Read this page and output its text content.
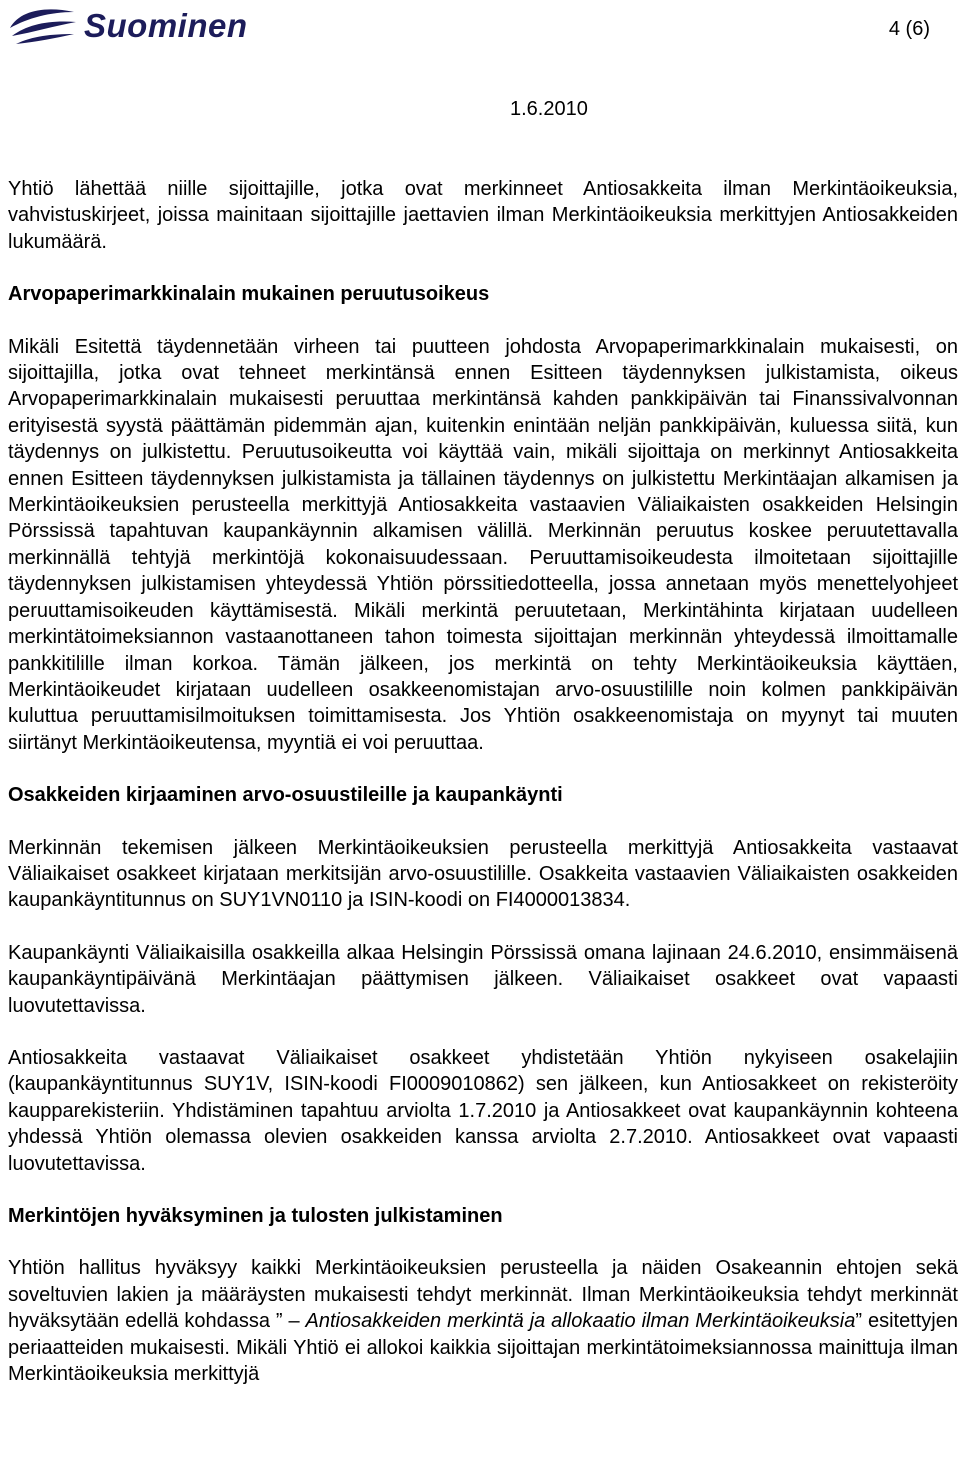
Suominen	4 (6)
1.6.2010

Yhtiö lähettää niille sijoittajille, jotka ovat merkinneet Antiosakkeita ilman Merkintäoikeuksia, vahvistuskirjeet, joissa mainitaan sijoittajille jaettavien ilman Merkintäoikeuksia merkittyjen Antiosakkeiden lukumäärä.

Arvopaperimarkkinalain mukainen peruutusoikeus

Mikäli Esitettä täydennetään virheen tai puutteen johdosta Arvopaperimarkkinalain mukaisesti, on sijoittajilla, jotka ovat tehneet merkintänsä ennen Esitteen täydennyksen julkistamista, oikeus Arvopaperimarkkinalain mukaisesti peruuttaa merkintänsä kahden pankkipäivän tai Finanssivalvonnan erityisestä syystä päättämän pidemmän ajan, kuitenkin enintään neljän pankkipäivän, kuluessa siitä, kun täydennys on julkistettu. Peruutusoikeutta voi käyttää vain, mikäli sijoittaja on merkinnyt Antiosakkeita ennen Esitteen täydennyksen julkistamista ja tällainen täydennys on julkistettu Merkintäajan alkamisen ja Merkintäoikeuksien perusteella merkittyjä Antiosakkeita vastaavien Väliaikaisten osakkeiden Helsingin Pörssissä tapahtuvan kaupankäynnin alkamisen välillä. Merkinnän peruutus koskee peruutettavalla merkinnällä tehtyjä merkintöjä kokonaisuudessaan. Peruuttamisoikeudesta ilmoitetaan sijoittajille täydennyksen julkistamisen yhteydessä Yhtiön pörssitiedotteella, jossa annetaan myös menettelyohjeet peruuttamisoikeuden käyttämisestä. Mikäli merkintä peruutetaan, Merkintähinta kirjataan uudelleen merkintätoimeksiannon vastaanottaneen tahon toimesta sijoittajan merkinnän yhteydessä ilmoittamalle pankkitilille ilman korkoa. Tämän jälkeen, jos merkintä on tehty Merkintäoikeuksia käyttäen, Merkintäoikeudet kirjataan uudelleen osakkeenomistajan arvo-osuustilille noin kolmen pankkipäivän kuluttua peruuttamisilmoituksen toimittamisesta. Jos Yhtiön osakkeenomistaja on myynyt tai muuten siirtänyt Merkintäoikeutensa, myyntiä ei voi peruuttaa.

Osakkeiden kirjaaminen arvo-osuustileille ja kaupankäynti

Merkinnän tekemisen jälkeen Merkintäoikeuksien perusteella merkittyjä Antiosakkeita vastaavat Väliaikaiset osakkeet kirjataan merkitsijän arvo-osuustilille. Osakkeita vastaavien Väliaikaisten osakkeiden kaupankäyntitunnus on SUY1VN0110 ja ISIN-koodi on FI4000013834.

Kaupankäynti Väliaikaisilla osakkeilla alkaa Helsingin Pörssissä omana lajinaan 24.6.2010, ensimmäisenä kaupankäyntipäivänä Merkintäajan päättymisen jälkeen. Väliaikaiset osakkeet ovat vapaasti luovutettavissa.

Antiosakkeita vastaavat Väliaikaiset osakkeet yhdistetään Yhtiön nykyiseen osakelajiin (kaupankäyntitunnus SUY1V, ISIN-koodi FI0009010862) sen jälkeen, kun Antiosakkeet on rekisteröity kaupparekisteriin. Yhdistäminen tapahtuu arviolta 1.7.2010 ja Antiosakkeet ovat kaupankäynnin kohteena yhdessä Yhtiön olemassa olevien osakkeiden kanssa arviolta 2.7.2010. Antiosakkeet ovat vapaasti luovutettavissa.

Merkintöjen hyväksyminen ja tulosten julkistaminen

Yhtiön hallitus hyväksyy kaikki Merkintäoikeuksien perusteella ja näiden Osakeannin ehtojen sekä soveltuvien lakien ja määräysten mukaisesti tehdyt merkinnät. Ilman Merkintäoikeuksia tehdyt merkinnät hyväksytään edellä kohdassa ” – Antiosakkeiden merkintä ja allokaatio ilman Merkintäoikeuksia” esitettyjen periaatteiden mukaisesti. Mikäli Yhtiö ei allokoi kaikkia sijoittajan merkintätoimeksiannossa mainittuja ilman Merkintäoikeuksia merkittyjä
